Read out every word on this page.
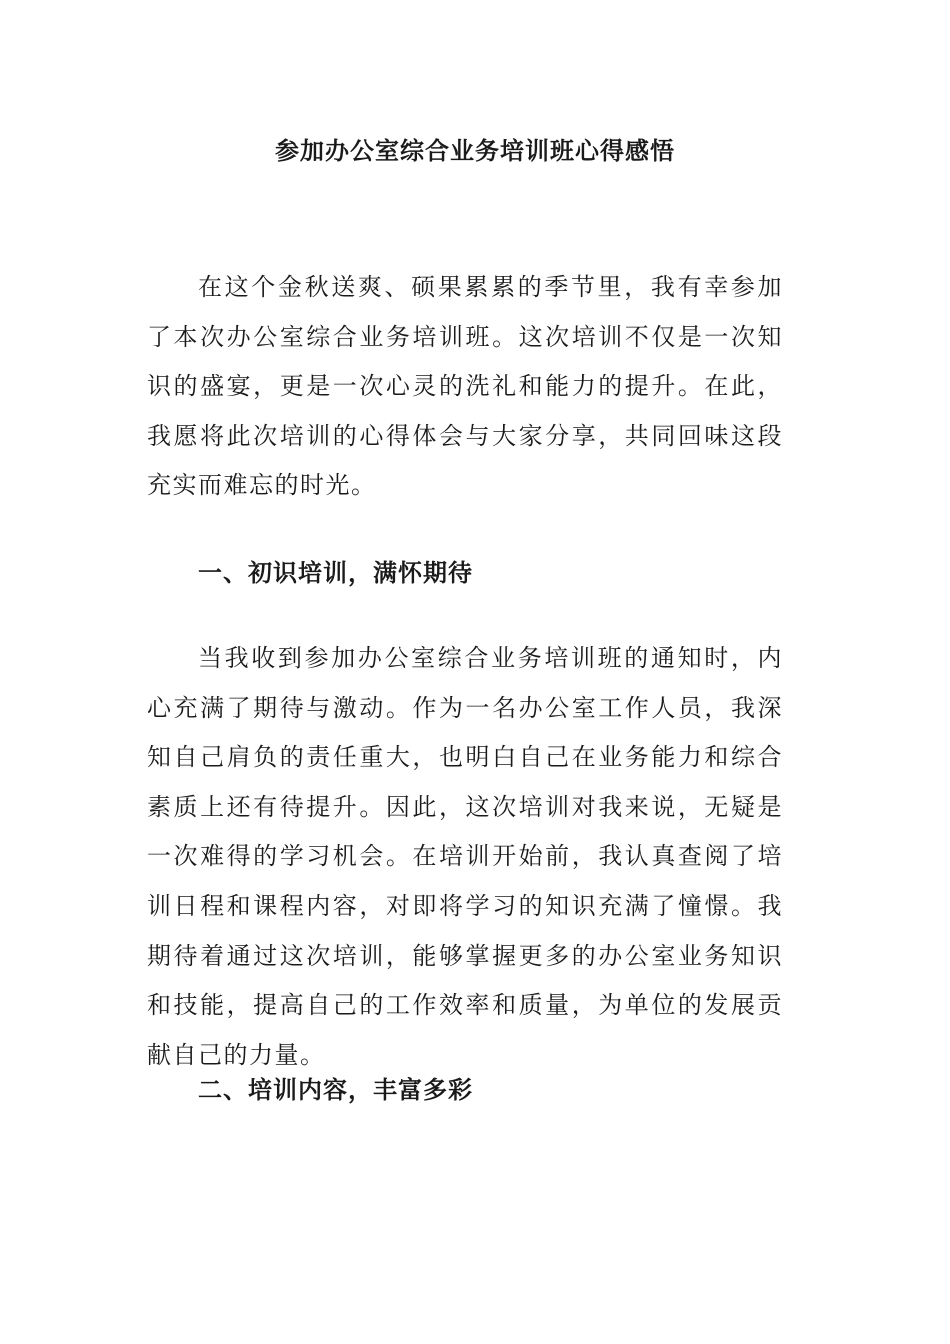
参加办公室综合业务培训班心得感悟

在这个金秋送爽、硕果累累的季节里，我有幸参加了本次办公室综合业务培训班。这次培训不仅是一次知识的盛宴，更是一次心灵的洗礼和能力的提升。在此，我愿将此次培训的心得体会与大家分享，共同回味这段充实而难忘的时光。

一、初识培训，满怀期待

当我收到参加办公室综合业务培训班的通知时，内心充满了期待与激动。作为一名办公室工作人员，我深知自己肩负的责任重大，也明白自己在业务能力和综合素质上还有待提升。因此，这次培训对我来说，无疑是一次难得的学习机会。在培训开始前，我认真查阅了培训日程和课程内容，对即将学习的知识充满了憧憬。我期待着通过这次培训，能够掌握更多的办公室业务知识和技能，提高自己的工作效率和质量，为单位的发展贡献自己的力量。

二、培训内容，丰富多彩
